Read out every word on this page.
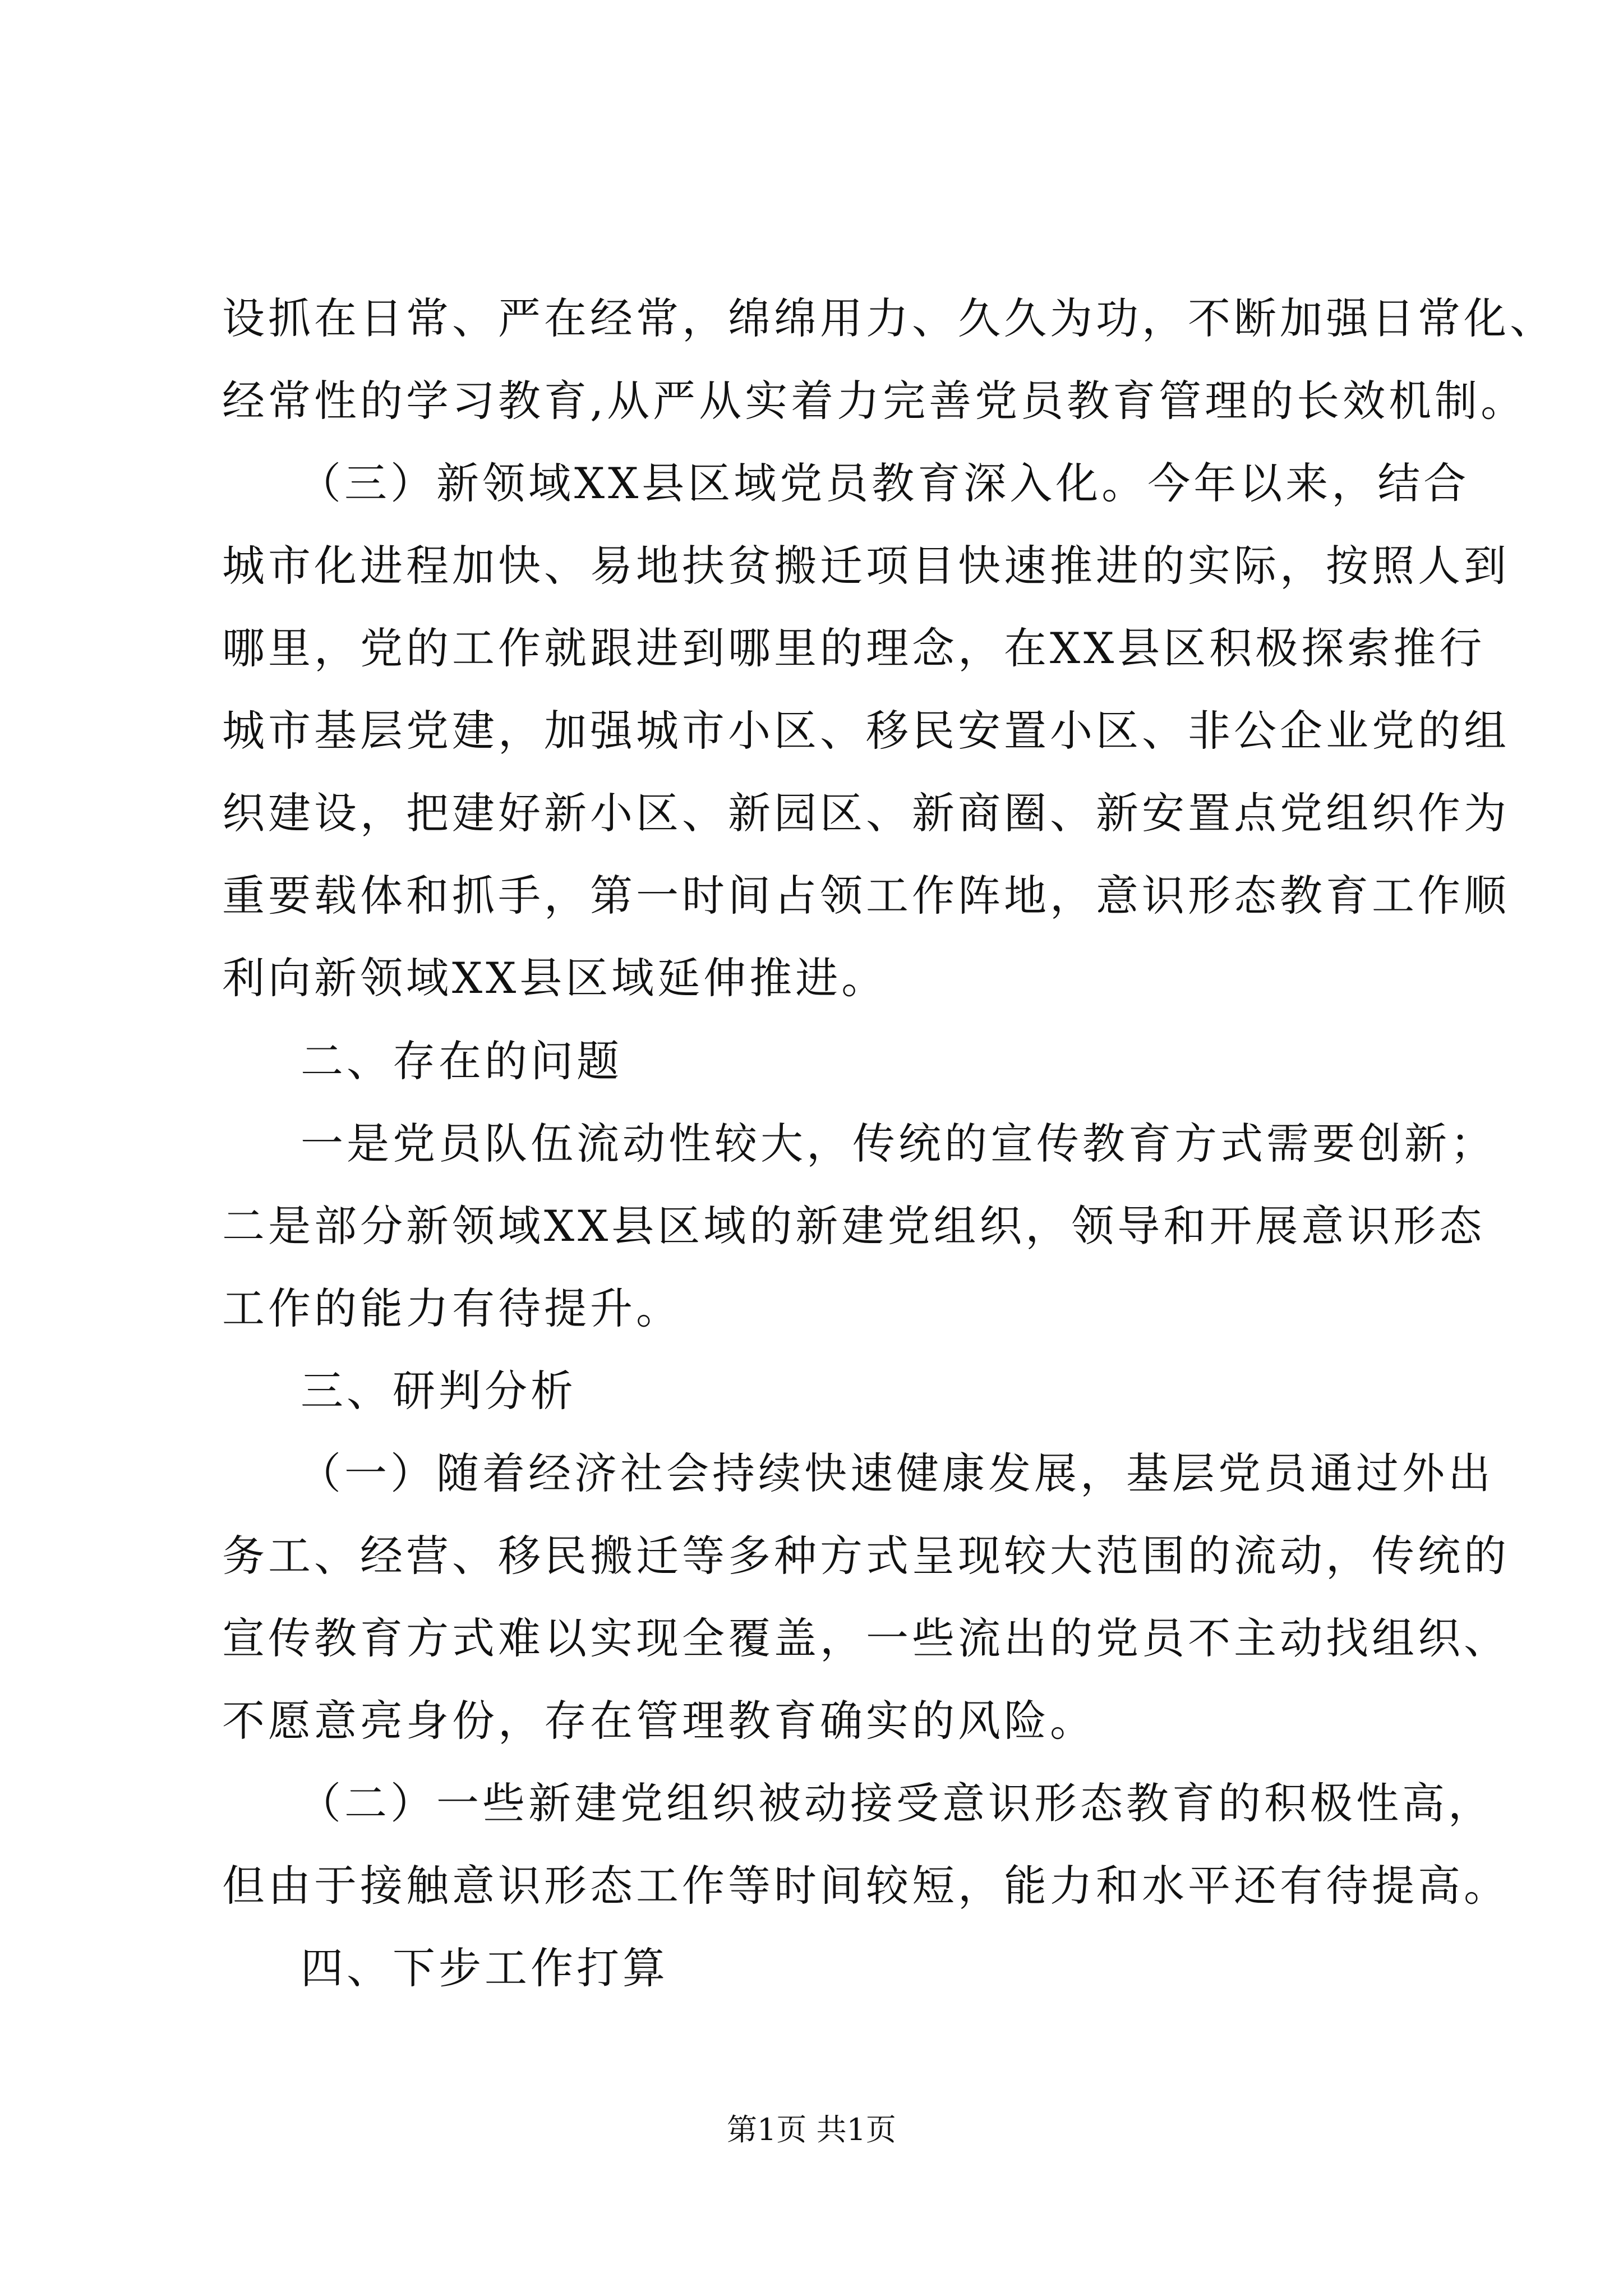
设抓在日常、严在经常，绵绵用力、久久为功，不断加强日常化、
经常性的学习教育,从严从实着力完善党员教育管理的长效机制。
（三）新领域XX县区域党员教育深入化。今年以来，结合
城市化进程加快、易地扶贫搬迁项目快速推进的实际，按照人到
哪里，党的工作就跟进到哪里的理念，在XX县区积极探索推行
城市基层党建，加强城市小区、移民安置小区、非公企业党的组
织建设，把建好新小区、新园区、新商圈、新安置点党组织作为
重要载体和抓手，第一时间占领工作阵地，意识形态教育工作顺
利向新领域XX县区域延伸推进。
二、存在的问题
一是党员队伍流动性较大，传统的宣传教育方式需要创新；
二是部分新领域XX县区域的新建党组织，领导和开展意识形态
工作的能力有待提升。
三、研判分析
（一）随着经济社会持续快速健康发展，基层党员通过外出
务工、经营、移民搬迁等多种方式呈现较大范围的流动，传统的
宣传教育方式难以实现全覆盖，一些流出的党员不主动找组织、
不愿意亮身份，存在管理教育确实的风险。
（二）一些新建党组织被动接受意识形态教育的积极性高，
但由于接触意识形态工作等时间较短，能力和水平还有待提高。
四、下步工作打算
第1页 共1页
